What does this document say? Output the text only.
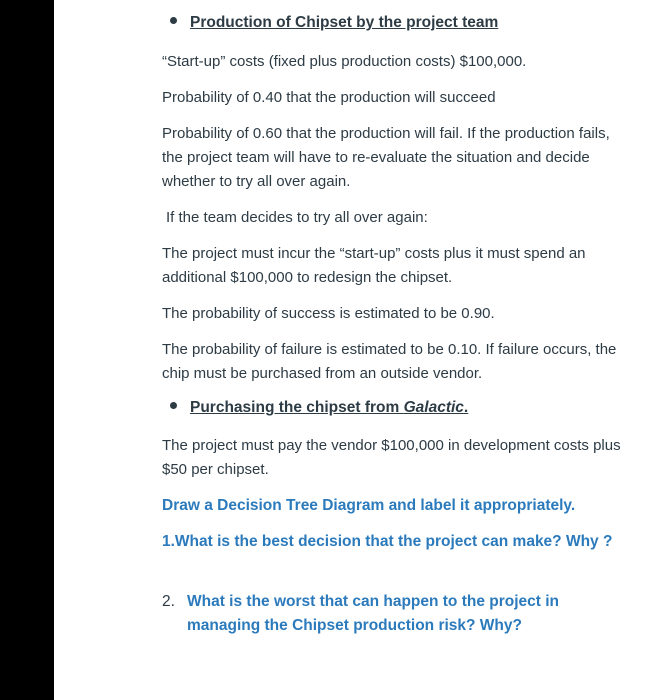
Production of Chipset by the project team

“Start-up” costs (fixed plus production costs) $100,000.

Probability of 0.40 that the production will succeed

Probability of 0.60 that the production will fail. If the production fails, the project team will have to re-evaluate the situation and decide whether to try all over again.

If the team decides to try all over again:

The project must incur the “start-up” costs plus it must spend an additional $100,000 to redesign the chipset.

The probability of success is estimated to be 0.90.

The probability of failure is estimated to be 0.10. If failure occurs, the chip must be purchased from an outside vendor.

Purchasing the chipset from Galactic.

The project must pay the vendor $100,000 in development costs plus $50 per chipset.

Draw a Decision Tree Diagram and label it appropriately.

1.What is the best decision that the project can make? Why ?

2. What is the worst that can happen to the project in managing the Chipset production risk? Why?
